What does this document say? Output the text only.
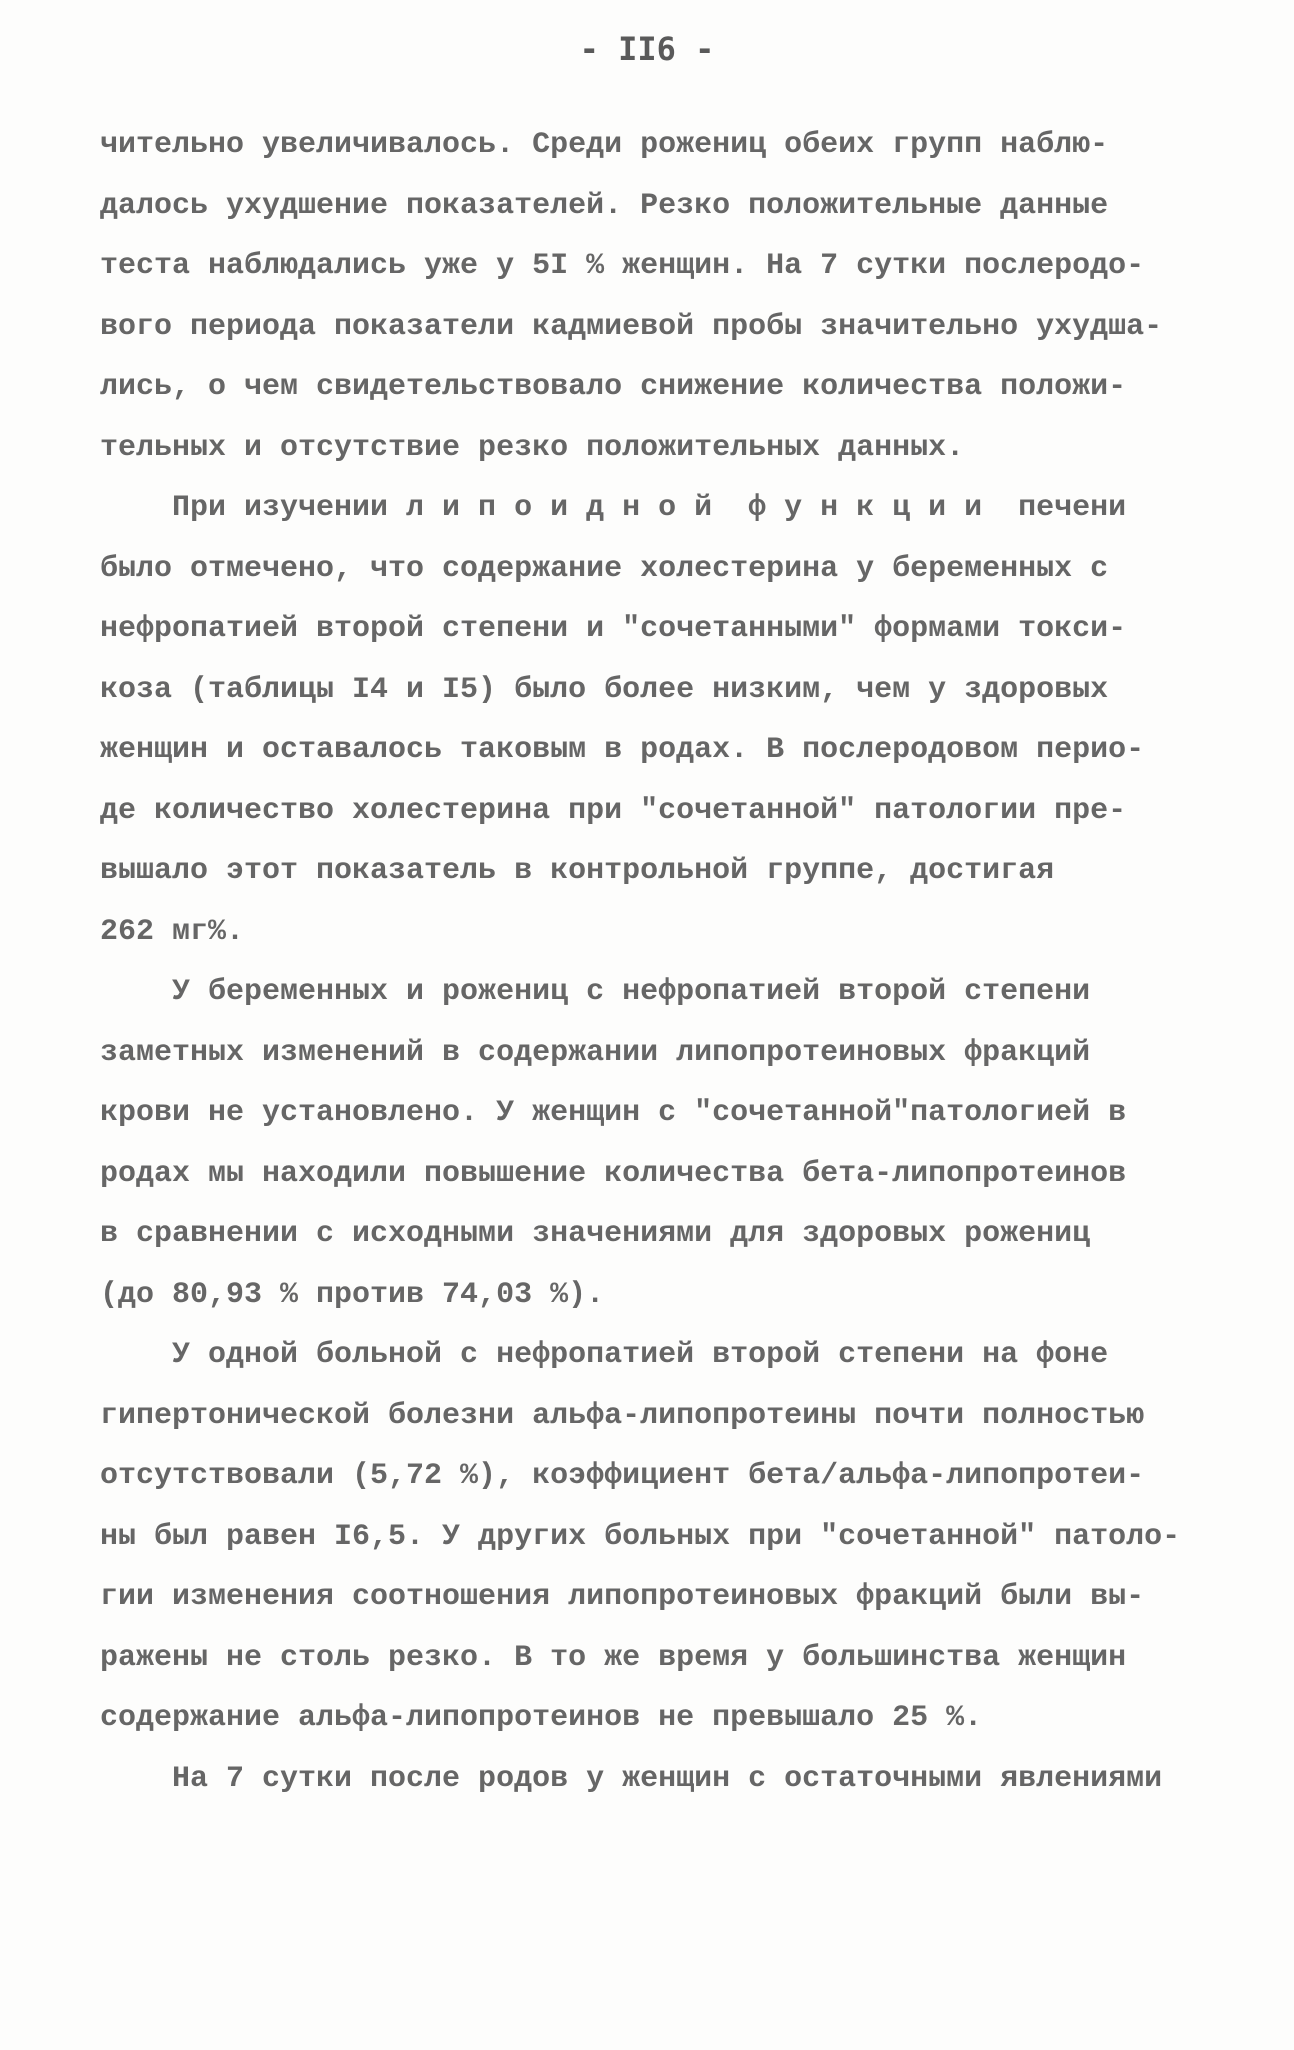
- II6 -
чительно увеличивалось. Среди рожениц обеих групп наблю-
далось ухудшение показателей. Резко положительные данные
теста наблюдались уже у 5I % женщин. На 7 сутки послеродо-
вого периода показатели кадмиевой пробы значительно ухудша-
лись, о чем свидетельствовало снижение количества положи-
тельных и отсутствие резко положительных данных.
При изучении л и п о и д н о й  ф у н к ц и и  печени
было отмечено, что содержание холестерина у беременных с
нефропатией второй степени и "сочетанными" формами токси-
коза (таблицы I4 и I5) было более низким, чем у здоровых
женщин и оставалось таковым в родах. В послеродовом перио-
де количество холестерина при "сочетанной" патологии пре-
вышало этот показатель в контрольной группе, достигая
262 мг%.
У беременных и рожениц с нефропатией второй степени
заметных изменений в содержании липопротеиновых фракций
крови не установлено. У женщин с "сочетанной"патологией в
родах мы находили повышение количества бета-липопротеинов
в сравнении с исходными значениями для здоровых рожениц
(до 80,93 % против 74,03 %).
У одной больной с нефропатией второй степени на фоне
гипертонической болезни альфа-липопротеины почти полностью
отсутствовали (5,72 %), коэффициент бета/альфа-липопротеи-
ны был равен I6,5. У других больных при "сочетанной" патоло-
гии изменения соотношения липопротеиновых фракций были вы-
ражены не столь резко. В то же время у большинства женщин
содержание альфа-липопротеинов не превышало 25 %.
На 7 сутки после родов у женщин с остаточными явлениями
